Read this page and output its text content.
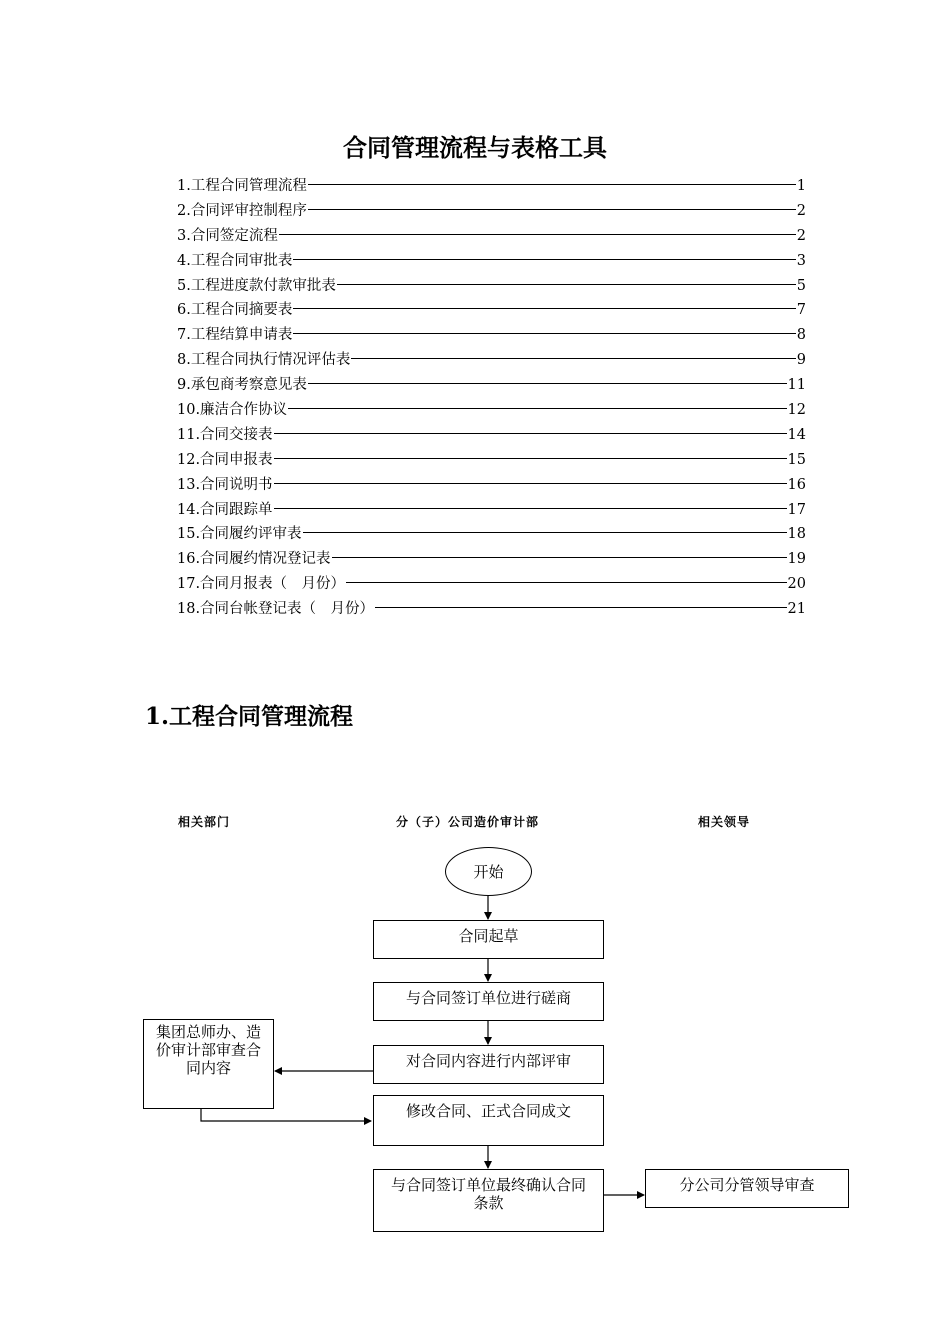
合同管理流程与表格工具
1.工程合同管理流程	1
2.合同评审控制程序	2
3.合同签定流程	2
4.工程合同审批表	3
5.工程进度款付款审批表	5
6.工程合同摘要表	7
7.工程结算申请表	8
8.工程合同执行情况评估表	9
9.承包商考察意见表	11
10.廉洁合作协议	12
11.合同交接表	14
12.合同申报表	15
13.合同说明书	16
14.合同跟踪单	17
15.合同履约评审表	18
16.合同履约情况登记表	19
17.合同月报表（　月份）	20
18.合同台帐登记表（　月份）	21
1.工程合同管理流程
相关部门	分（子）公司造价审计部	相关领导
开始
合同起草
与合同签订单位进行磋商
对合同内容进行内部评审
集团总师办、造价审计部审查合同内容
修改合同、正式合同成文
与合同签订单位最终确认合同条款
分公司分管领导审查
